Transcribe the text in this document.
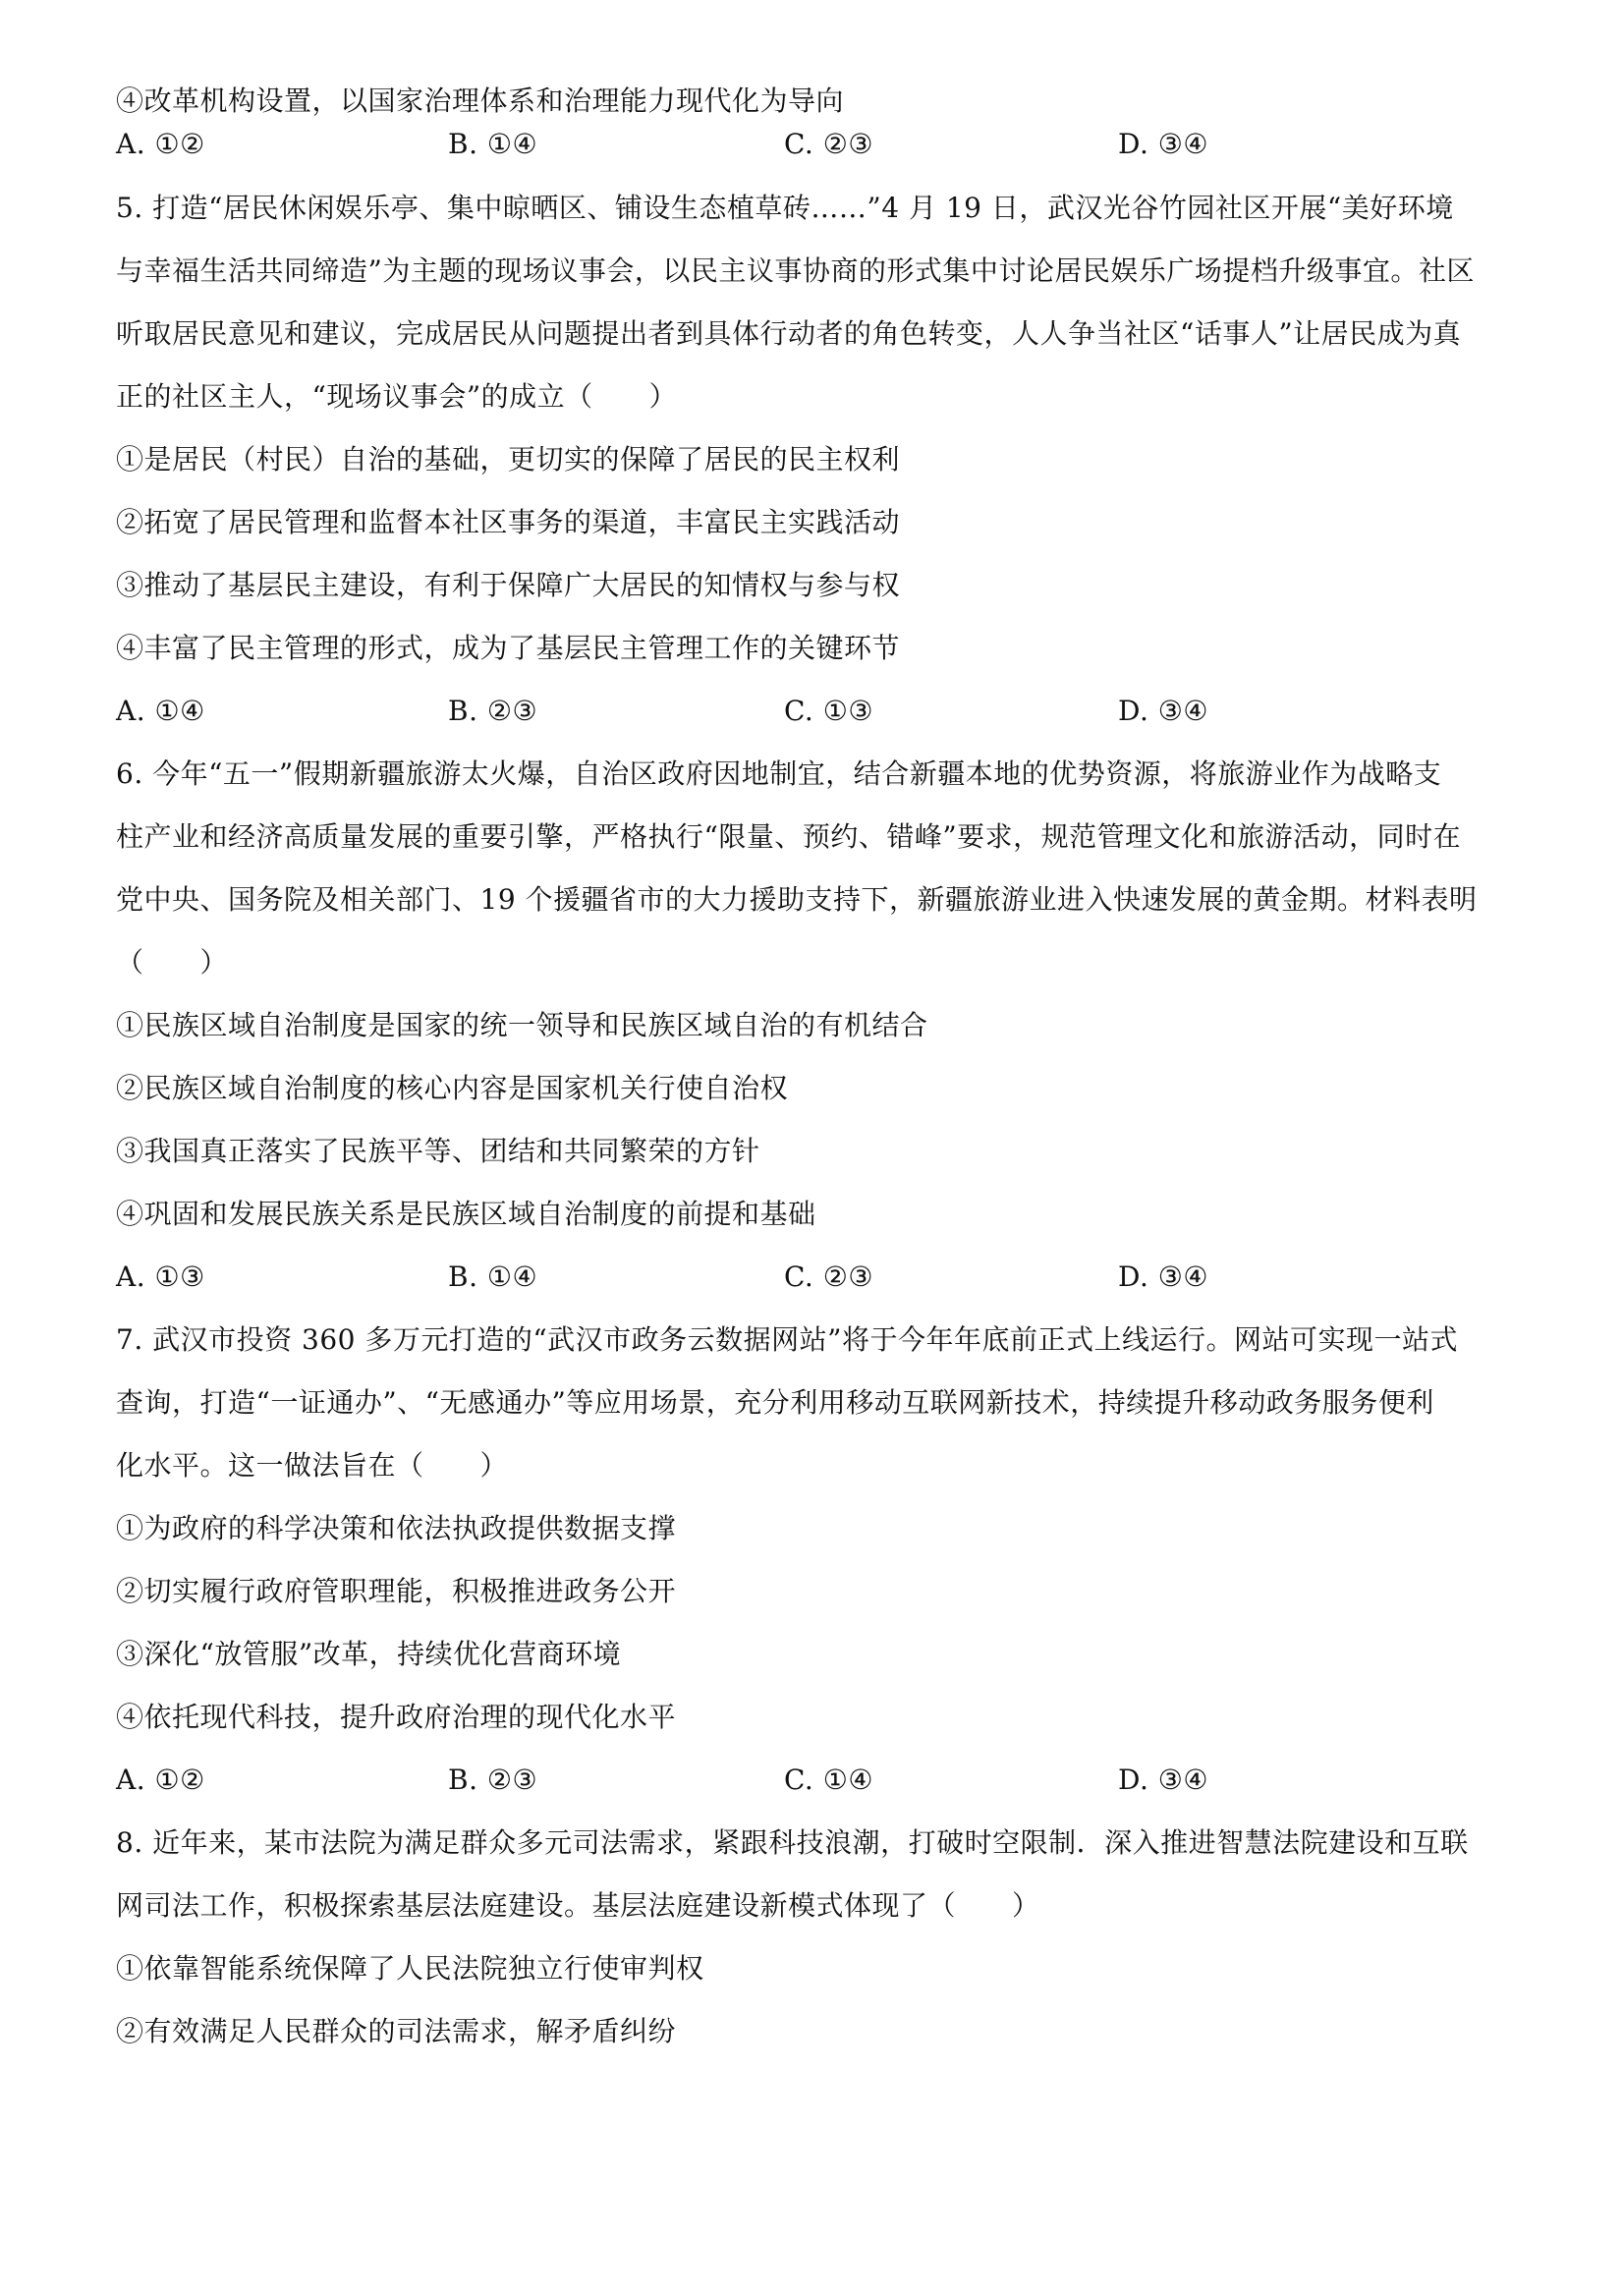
④改革机构设置，以国家治理体系和治理能力现代化为导向
A. ①②	B. ①④	C. ②③	D. ③④
5. 打造“居民休闲娱乐亭、集中晾晒区、铺设生态植草砖……”4 月 19 日，武汉光谷竹园社区开展“美好环境
与幸福生活共同缔造”为主题的现场议事会，以民主议事协商的形式集中讨论居民娱乐广场提档升级事宜。社区
听取居民意见和建议，完成居民从问题提出者到具体行动者的角色转变，人人争当社区“话事人”让居民成为真
正的社区主人，“现场议事会”的成立（　　）
①是居民（村民）自治的基础，更切实的保障了居民的民主权利
②拓宽了居民管理和监督本社区事务的渠道，丰富民主实践活动
③推动了基层民主建设，有利于保障广大居民的知情权与参与权
④丰富了民主管理的形式，成为了基层民主管理工作的关键环节
A. ①④	B. ②③	C. ①③	D. ③④
6. 今年“五一”假期新疆旅游太火爆，自治区政府因地制宜，结合新疆本地的优势资源，将旅游业作为战略支
柱产业和经济高质量发展的重要引擎，严格执行“限量、预约、错峰”要求，规范管理文化和旅游活动，同时在
党中央、国务院及相关部门、19 个援疆省市的大力援助支持下，新疆旅游业进入快速发展的黄金期。材料表明
（　　）
①民族区域自治制度是国家的统一领导和民族区域自治的有机结合
②民族区域自治制度的核心内容是国家机关行使自治权
③我国真正落实了民族平等、团结和共同繁荣的方针
④巩固和发展民族关系是民族区域自治制度的前提和基础
A. ①③	B. ①④	C. ②③	D. ③④
7. 武汉市投资 360 多万元打造的“武汉市政务云数据网站”将于今年年底前正式上线运行。网站可实现一站式
查询，打造“一证通办”、“无感通办”等应用场景，充分利用移动互联网新技术，持续提升移动政务服务便利
化水平。这一做法旨在（　　）
①为政府的科学决策和依法执政提供数据支撑
②切实履行政府管职理能，积极推进政务公开
③深化“放管服”改革，持续优化营商环境
④依托现代科技，提升政府治理的现代化水平
A. ①②	B. ②③	C. ①④	D. ③④
8. 近年来，某市法院为满足群众多元司法需求，紧跟科技浪潮，打破时空限制．深入推进智慧法院建设和互联
网司法工作，积极探索基层法庭建设。基层法庭建设新模式体现了（　　）
①依靠智能系统保障了人民法院独立行使审判权
②有效满足人民群众的司法需求，解矛盾纠纷
